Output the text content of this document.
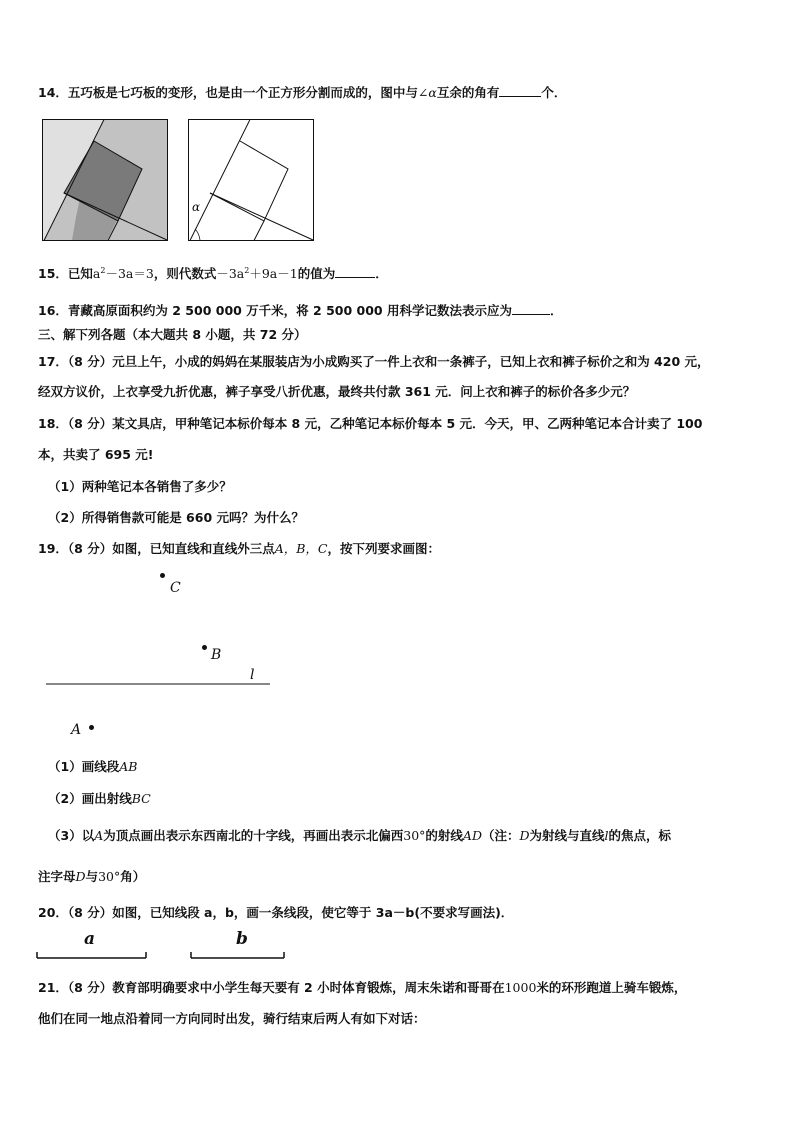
14．五巧板是七巧板的变形，也是由一个正方形分割而成的，图中与∠α互余的角有	个．
α
15．已知$a^2-3a=3$，则代数式$-3a^2+9a-1$的值为	．
16．青藏高原面积约为 2 500 000 万千米，将 2 500 000 用科学记数法表示应为	．
三、解下列各题（本大题共 8 小题，共 72 分）
17．（8 分）元旦上午，小成的妈妈在某服装店为小成购买了一件上衣和一条裤子，已知上衣和裤子标价之和为 420 元，
经双方议价，上衣享受九折优惠，裤子享受八折优惠，最终共付款 361 元．问上衣和裤子的标价各多少元？
18．（8 分）某文具店，甲种笔记本标价每本 8 元，乙种笔记本标价每本 5 元．今天，甲、乙两种笔记本合计卖了 100
本，共卖了 695 元!
（1）两种笔记本各销售了多少？
（2）所得销售款可能是 660 元吗？为什么？
19．（8 分）如图，已知直线和直线外三点A，B，C，按下列要求画图：
C
B
l
A
（1）画线段AB
（2）画出射线BC
（3）以A为顶点画出表示东西南北的十字线，再画出表示北偏西30°的射线AD（注：D为射线与直线l的焦点，标
注字母D与30°角）
20．（8 分）如图，已知线段 a，b，画一条线段，使它等于 3a－b(不要求写画法)．
a	b
21．（8 分）教育部明确要求中小学生每天要有 2 小时体育锻炼，周末朱诺和哥哥在1000米的环形跑道上骑车锻炼，
他们在同一地点沿着同一方向同时出发，骑行结束后两人有如下对话：
